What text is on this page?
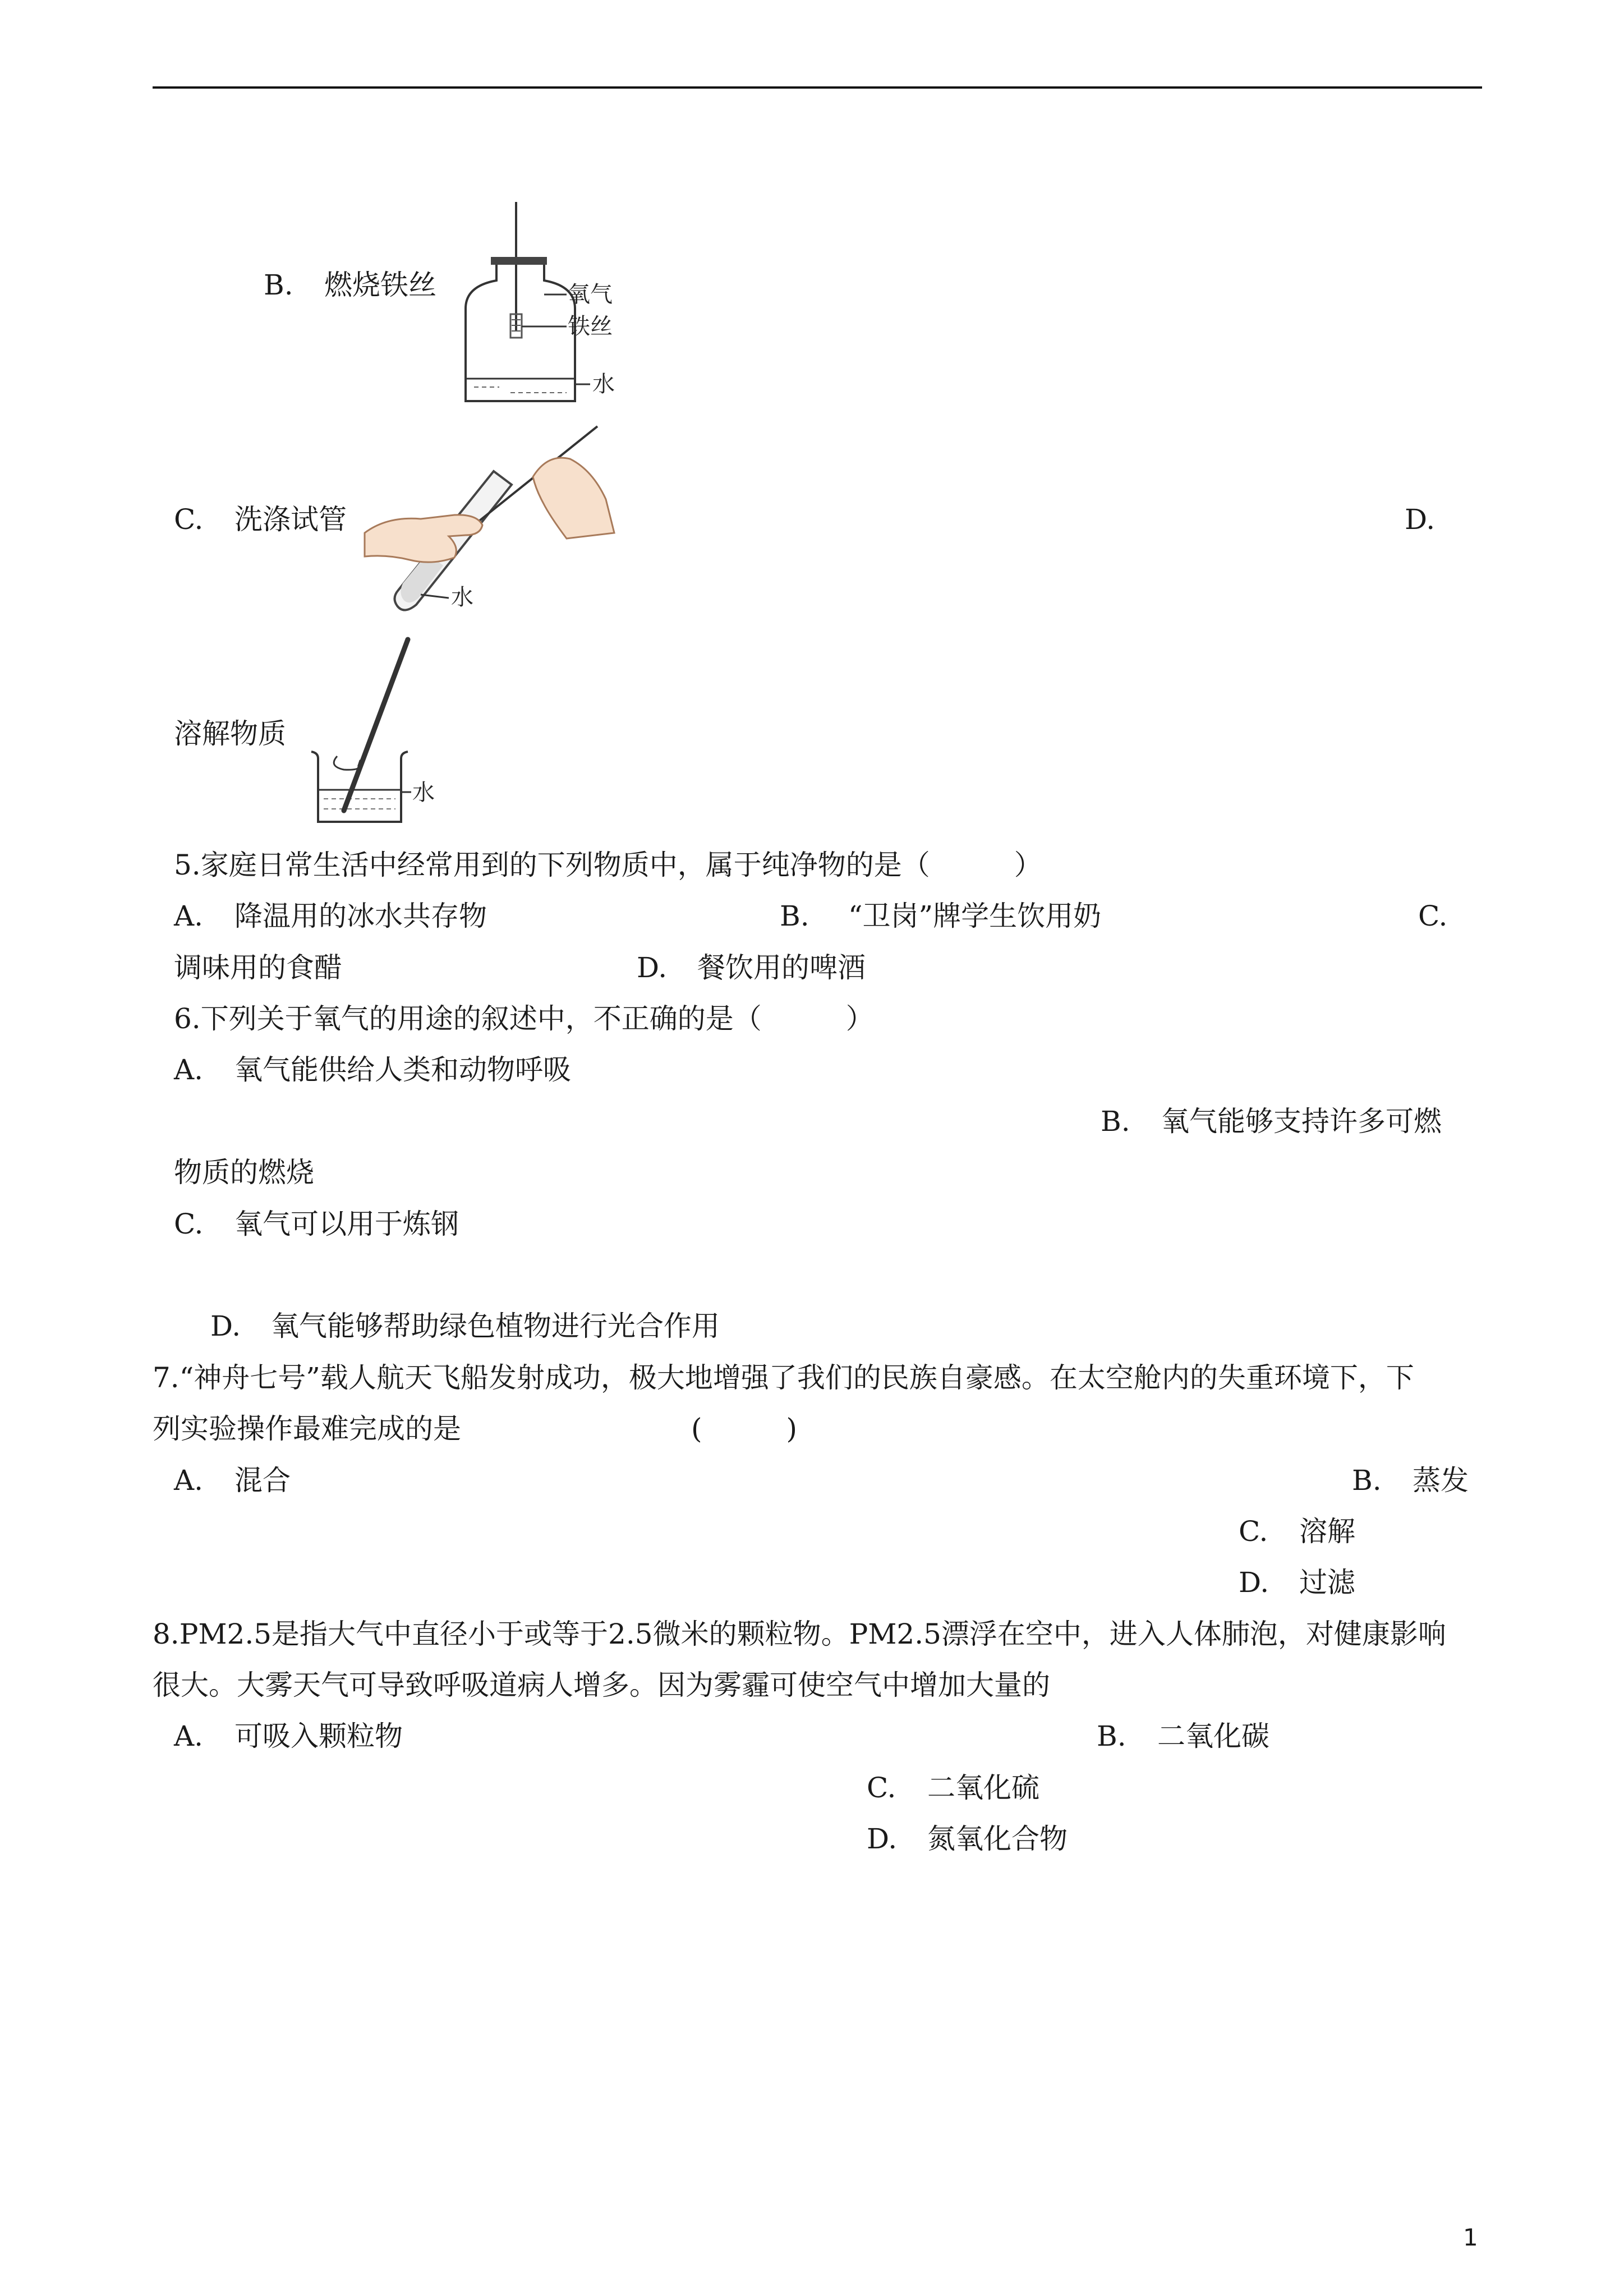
B. 燃烧铁丝	氧气
铁丝
水
C. 洗涤试管
水
D.
溶解物质
水
5.家庭日常生活中经常用到的下列物质中，属于纯净物的是（　　　）
A. 降温用的冰水共存物	B. “卫岗”牌学生饮用奶	C.
调味用的食醋	D. 餐饮用的啤酒
6.下列关于氧气的用途的叙述中，不正确的是（　　　）
A. 氧气能供给人类和动物呼吸
B. 氧气能够支持许多可燃
物质的燃烧
C. 氧气可以用于炼钢
D. 氧气能够帮助绿色植物进行光合作用
7.“神舟七号”载人航天飞船发射成功，极大地增强了我们的民族自豪感。在太空舱内的失重环境下，下
列实验操作最难完成的是	(　　　)
A. 混合	B. 蒸发
C. 溶解
D. 过滤
8.PM2.5是指大气中直径小于或等于2.5微米的颗粒物。PM2.5漂浮在空中，进入人体肺泡，对健康影响
很大。大雾天气可导致呼吸道病人增多。因为雾霾可使空气中增加大量的
A. 可吸入颗粒物	B. 二氧化碳
C. 二氧化硫
D. 氮氧化合物
1
